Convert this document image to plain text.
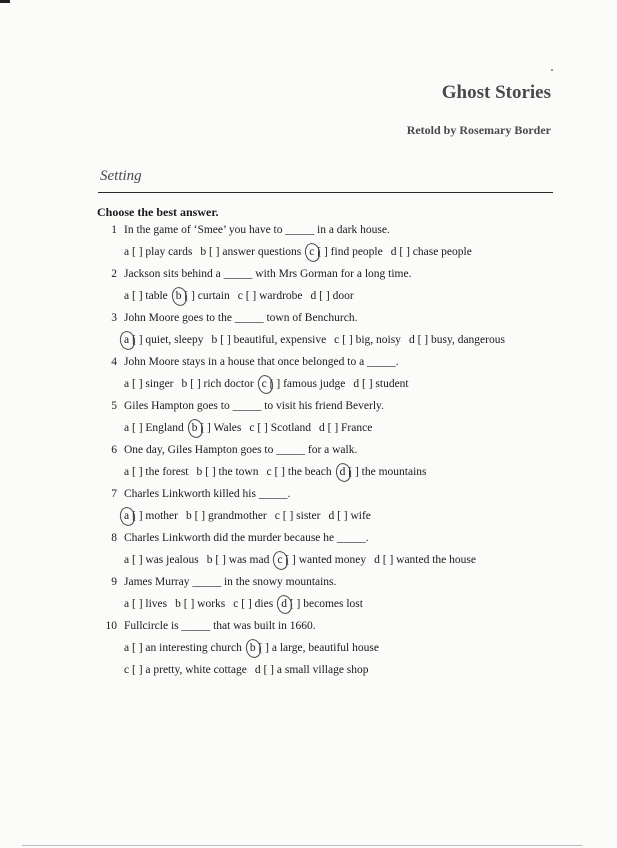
Ghost Stories
Retold by Rosemary Border
Setting
Choose the best answer.
1 In the game of ‘Smee’ you have to _____ in a dark house.
a [ ] play cards b [ ] answer questions c [ ] find people d [ ] chase people
2 Jackson sits behind a _____ with Mrs Gorman for a long time.
a [ ] table b [ ] curtain c [ ] wardrobe d [ ] door
3 John Moore goes to the _____ town of Benchurch.
a [ ] quiet, sleepy b [ ] beautiful, expensive c [ ] big, noisy d [ ] busy, dangerous
4 John Moore stays in a house that once belonged to a _____.
a [ ] singer b [ ] rich doctor c [ ] famous judge d [ ] student
5 Giles Hampton goes to _____ to visit his friend Beverly.
a [ ] England b [ ] Wales c [ ] Scotland d [ ] France
6 One day, Giles Hampton goes to _____ for a walk.
a [ ] the forest b [ ] the town c [ ] the beach d [ ] the mountains
7 Charles Linkworth killed his _____.
a [ ] mother b [ ] grandmother c [ ] sister d [ ] wife
8 Charles Linkworth did the murder because he _____.
a [ ] was jealous b [ ] was mad c [ ] wanted money d [ ] wanted the house
9 James Murray _____ in the snowy mountains.
a [ ] lives b [ ] works c [ ] dies d [ ] becomes lost
10 Fullcircle is _____ that was built in 1660.
a [ ] an interesting church b [ ] a large, beautiful house
c [ ] a pretty, white cottage d [ ] a small village shop
